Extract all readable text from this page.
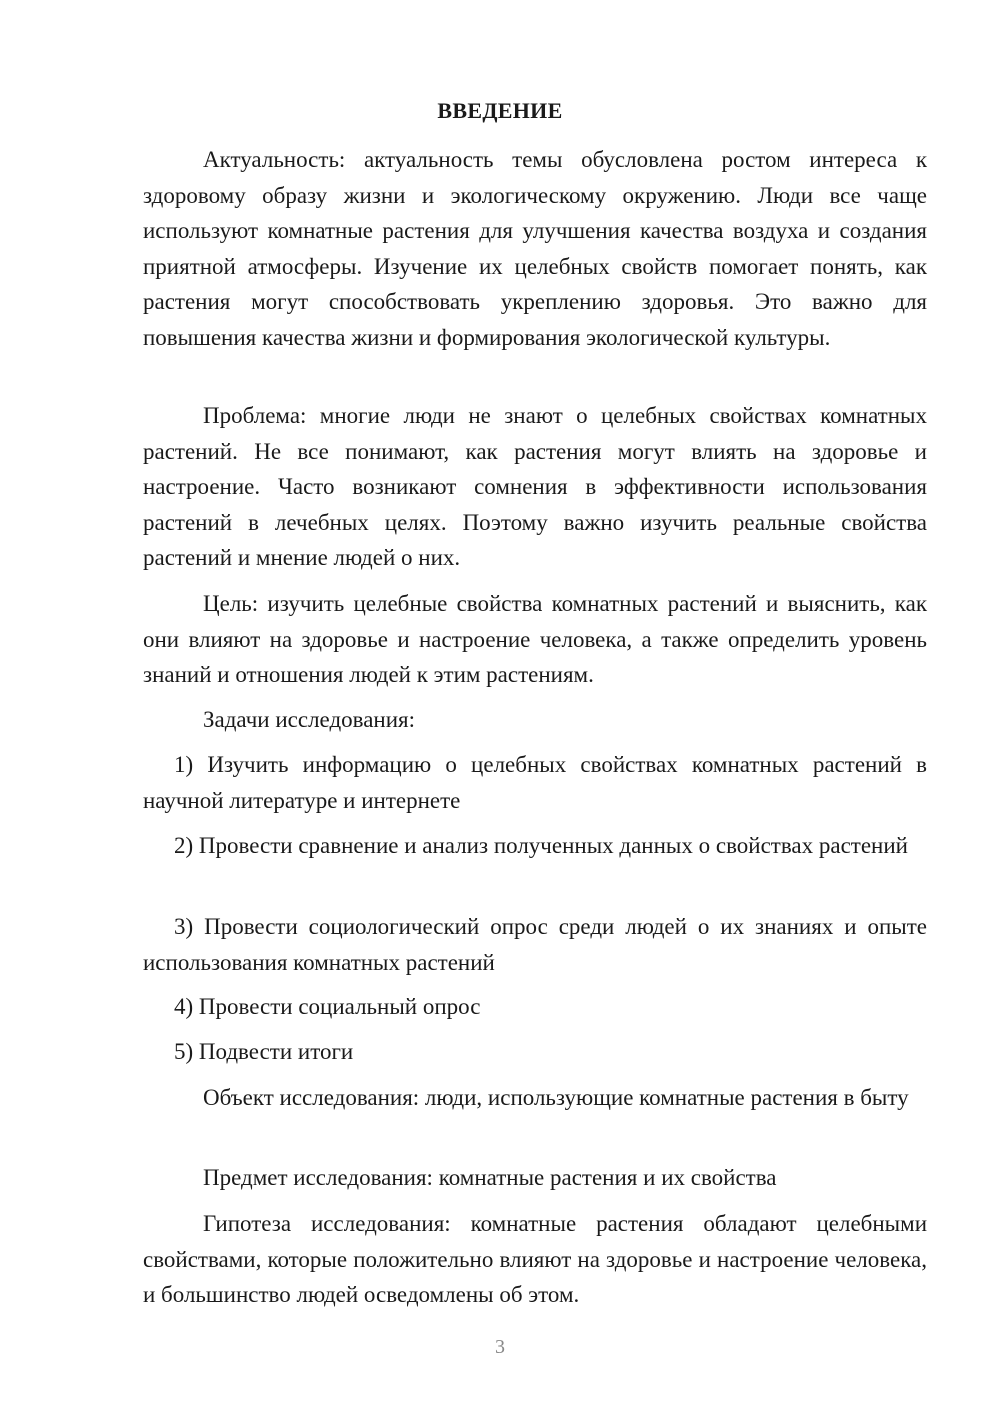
ВВЕДЕНИЕ

Актуальность: актуальность темы обусловлена ростом интереса к здоровому образу жизни и экологическому окружению. Люди все чаще используют комнатные растения для улучшения качества воздуха и создания приятной атмосферы. Изучение их целебных свойств помогает понять, как растения могут способствовать укреплению здоровья. Это важно для повышения качества жизни и формирования экологической культуры.

Проблема: многие люди не знают о целебных свойствах комнатных растений. Не все понимают, как растения могут влиять на здоровье и настроение. Часто возникают сомнения в эффективности использования растений в лечебных целях. Поэтому важно изучить реальные свойства растений и мнение людей о них.

Цель: изучить целебные свойства комнатных растений и выяснить, как они влияют на здоровье и настроение человека, а также определить уровень знаний и отношения людей к этим растениям.

Задачи исследования:

1) Изучить информацию о целебных свойствах комнатных растений в научной литературе и интернете

2) Провести сравнение и анализ полученных данных о свойствах растений

3) Провести социологический опрос среди людей о их знаниях и опыте использования комнатных растений

4) Провести социальный опрос

5) Подвести итоги

Объект исследования: люди, использующие комнатные растения в быту

Предмет исследования: комнатные растения и их свойства

Гипотеза исследования: комнатные растения обладают целебными свойствами, которые положительно влияют на здоровье и настроение человека, и большинство людей осведомлены об этом.

3
